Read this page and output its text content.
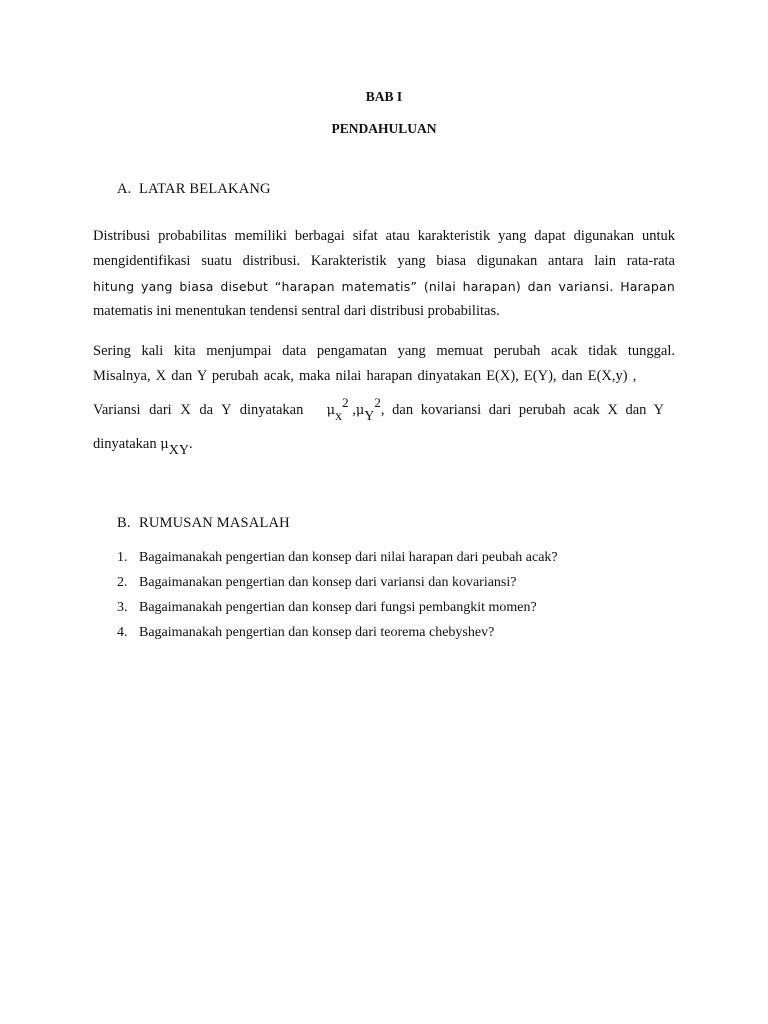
BAB I
PENDAHULUAN
A. LATAR BELAKANG
Distribusi probabilitas memiliki berbagai sifat atau karakteristik yang dapat digunakan untuk
mengidentifikasi suatu distribusi. Karakteristik yang biasa digunakan antara lain rata-rata
hitung yang biasa disebut “harapan matematis” (nilai harapan) dan variansi. Harapan
matematis ini menentukan tendensi sentral dari distribusi probabilitas.
Sering kali kita menjumpai data pengamatan yang memuat perubah acak tidak tunggal.
Misalnya, X dan Y perubah acak, maka nilai harapan dinyatakan E(X), E(Y), dan E(X,y) ,
Variansi dari X da Y dinyatakan μx2 ,μY2, dan kovariansi dari perubah acak X dan Y
dinyatakan μXY.
B. RUMUSAN MASALAH
1. Bagaimanakah pengertian dan konsep dari nilai harapan dari peubah acak?
2. Bagaimanakan pengertian dan konsep dari variansi dan kovariansi?
3. Bagaimanakah pengertian dan konsep dari fungsi pembangkit momen?
4. Bagaimanakah pengertian dan konsep dari teorema chebyshev?
